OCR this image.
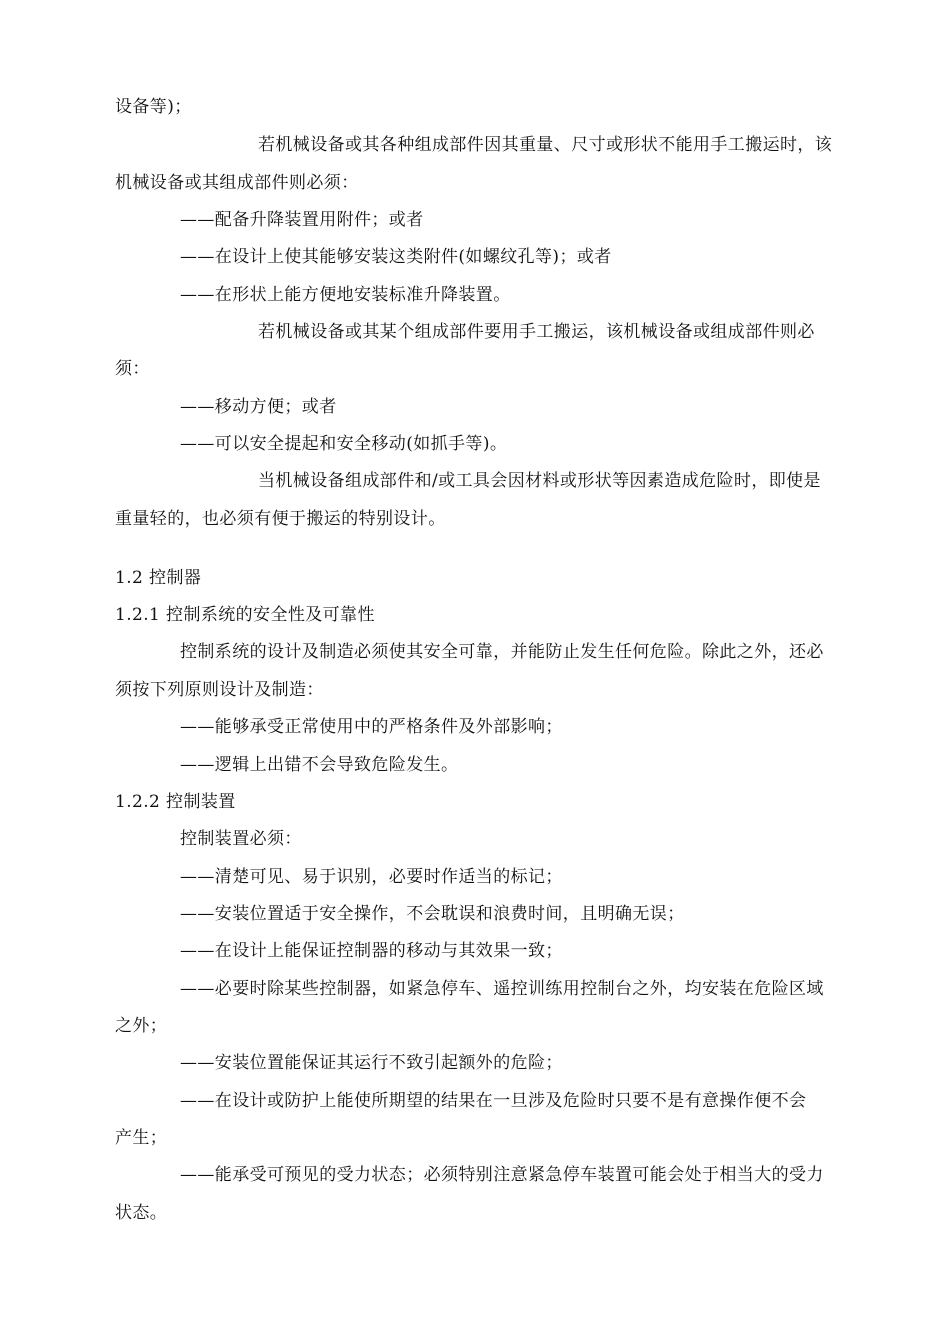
设备等)；
若机械设备或其各种组成部件因其重量、尺寸或形状不能用手工搬运时，该
机械设备或其组成部件则必须：
——配备升降装置用附件；或者
——在设计上使其能够安装这类附件(如螺纹孔等)；或者
——在形状上能方便地安装标准升降装置。
若机械设备或其某个组成部件要用手工搬运，该机械设备或组成部件则必
须：
——移动方便；或者
——可以安全提起和安全移动(如抓手等)。
当机械设备组成部件和/或工具会因材料或形状等因素造成危险时，即使是
重量轻的，也必须有便于搬运的特别设计。
1.2 控制器
1.2.1 控制系统的安全性及可靠性
控制系统的设计及制造必须使其安全可靠，并能防止发生任何危险。除此之外，还必
须按下列原则设计及制造：
——能够承受正常使用中的严格条件及外部影响；
——逻辑上出错不会导致危险发生。
1.2.2 控制装置
控制装置必须：
——清楚可见、易于识别，必要时作适当的标记；
——安装位置适于安全操作，不会耽误和浪费时间，且明确无误；
——在设计上能保证控制器的移动与其效果一致；
——必要时除某些控制器，如紧急停车、遥控训练用控制台之外，均安装在危险区域
之外；
——安装位置能保证其运行不致引起额外的危险；
——在设计或防护上能使所期望的结果在一旦涉及危险时只要不是有意操作便不会
产生；
——能承受可预见的受力状态；必须特别注意紧急停车装置可能会处于相当大的受力
状态。
